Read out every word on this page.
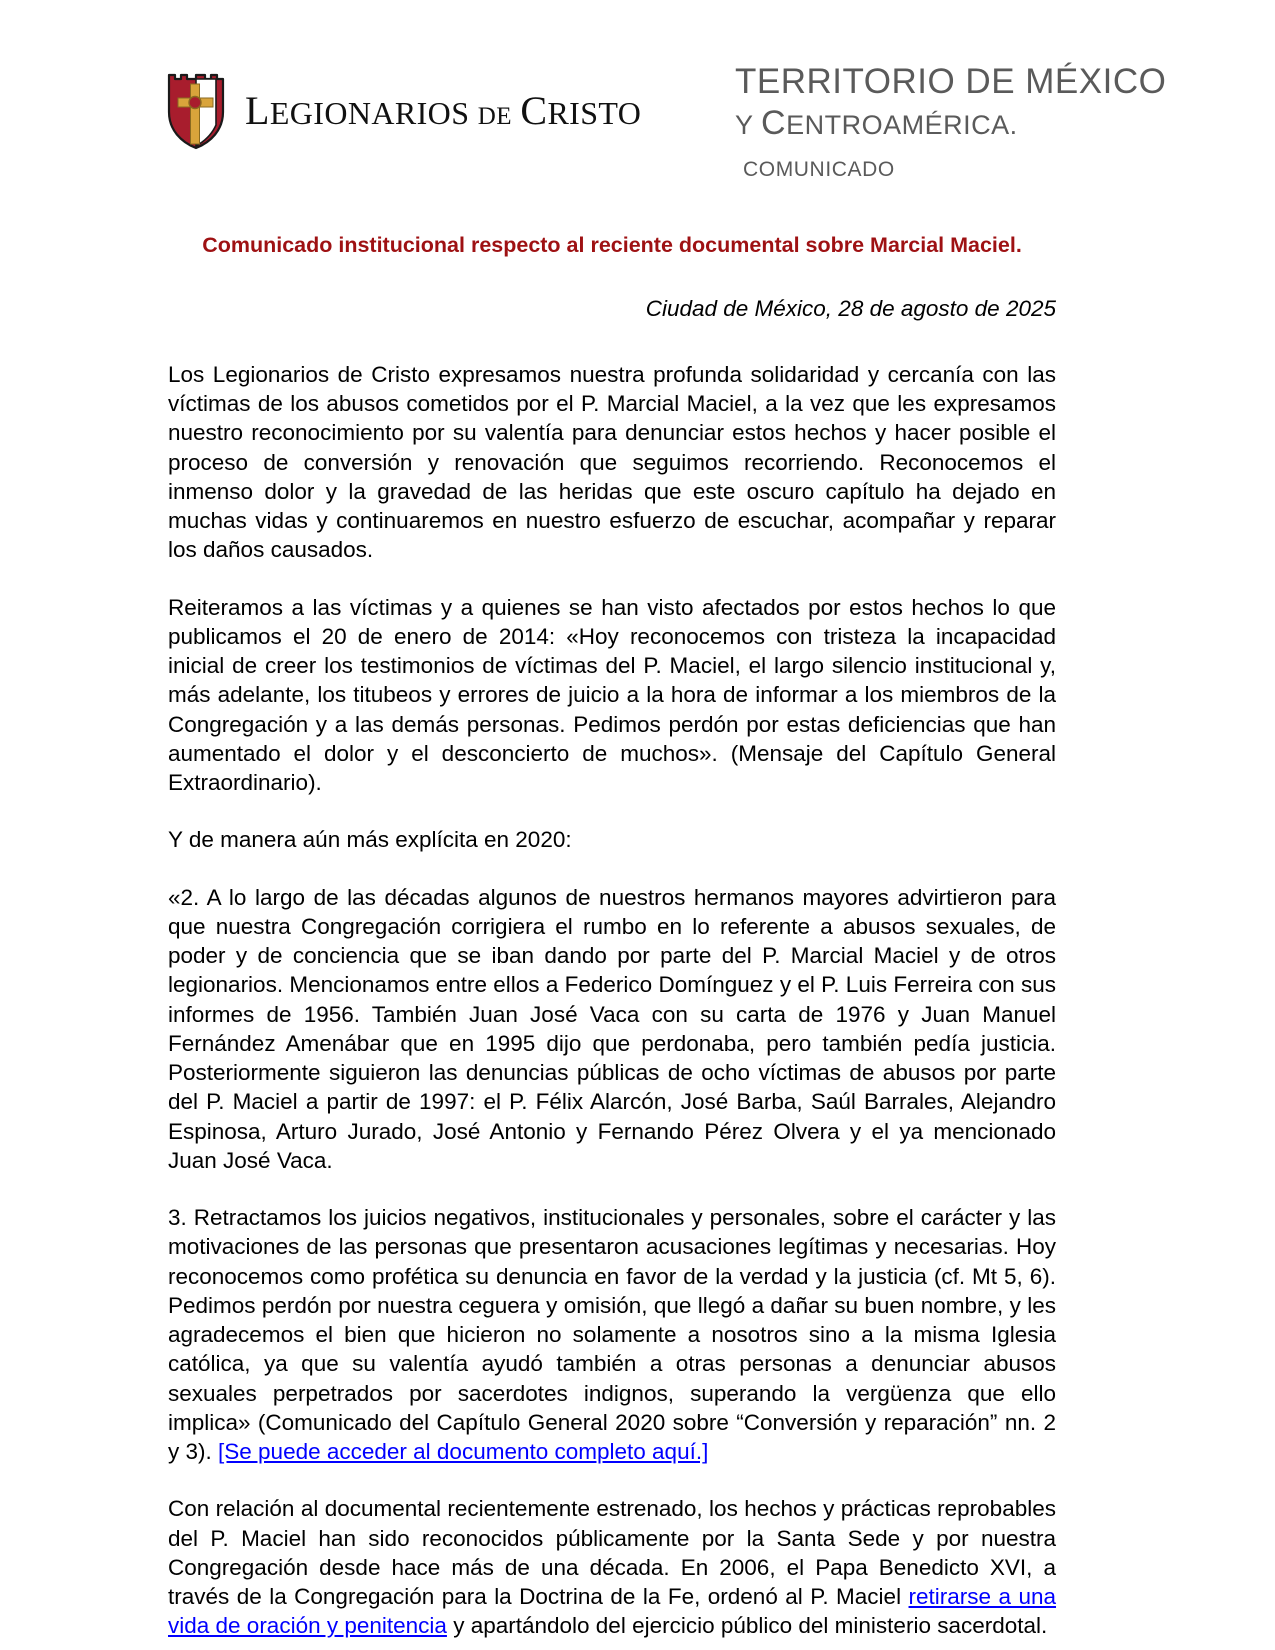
LEGIONARIOS DE CRISTO
TERRITORIO DE MÉXICO
Y CENTROAMÉRICA.
COMUNICADO
Comunicado institucional respecto al reciente documental sobre Marcial Maciel.
Ciudad de México, 28 de agosto de 2025

Los Legionarios de Cristo expresamos nuestra profunda solidaridad y cercanía con las víctimas de los abusos cometidos por el P. Marcial Maciel, a la vez que les expresamos nuestro reconocimiento por su valentía para denunciar estos hechos y hacer posible el proceso de conversión y renovación que seguimos recorriendo. Reconocemos el inmenso dolor y la gravedad de las heridas que este oscuro capítulo ha dejado en muchas vidas y continuaremos en nuestro esfuerzo de escuchar, acompañar y reparar los daños causados.

Reiteramos a las víctimas y a quienes se han visto afectados por estos hechos lo que publicamos el 20 de enero de 2014: «Hoy reconocemos con tristeza la incapacidad inicial de creer los testimonios de víctimas del P. Maciel, el largo silencio institucional y, más adelante, los titubeos y errores de juicio a la hora de informar a los miembros de la Congregación y a las demás personas. Pedimos perdón por estas deficiencias que han aumentado el dolor y el desconcierto de muchos». (Mensaje del Capítulo General Extraordinario).

Y de manera aún más explícita en 2020:

«2. A lo largo de las décadas algunos de nuestros hermanos mayores advirtieron para que nuestra Congregación corrigiera el rumbo en lo referente a abusos sexuales, de poder y de conciencia que se iban dando por parte del P. Marcial Maciel y de otros legionarios. Mencionamos entre ellos a Federico Domínguez y el P. Luis Ferreira con sus informes de 1956. También Juan José Vaca con su carta de 1976 y Juan Manuel Fernández Amenábar que en 1995 dijo que perdonaba, pero también pedía justicia. Posteriormente siguieron las denuncias públicas de ocho víctimas de abusos por parte del P. Maciel a partir de 1997: el P. Félix Alarcón, José Barba, Saúl Barrales, Alejandro Espinosa, Arturo Jurado, José Antonio y Fernando Pérez Olvera y el ya mencionado Juan José Vaca.

3. Retractamos los juicios negativos, institucionales y personales, sobre el carácter y las motivaciones de las personas que presentaron acusaciones legítimas y necesarias. Hoy reconocemos como profética su denuncia en favor de la verdad y la justicia (cf. Mt 5, 6). Pedimos perdón por nuestra ceguera y omisión, que llegó a dañar su buen nombre, y les agradecemos el bien que hicieron no solamente a nosotros sino a la misma Iglesia católica, ya que su valentía ayudó también a otras personas a denunciar abusos sexuales perpetrados por sacerdotes indignos, superando la vergüenza que ello implica» (Comunicado del Capítulo General 2020 sobre “Conversión y reparación” nn. 2 y 3). [Se puede acceder al documento completo aquí.]

Con relación al documental recientemente estrenado, los hechos y prácticas reprobables del P. Maciel han sido reconocidos públicamente por la Santa Sede y por nuestra Congregación desde hace más de una década. En 2006, el Papa Benedicto XVI, a través de la Congregación para la Doctrina de la Fe, ordenó al P. Maciel retirarse a una vida de oración y penitencia y apartándolo del ejercicio público del ministerio sacerdotal.
